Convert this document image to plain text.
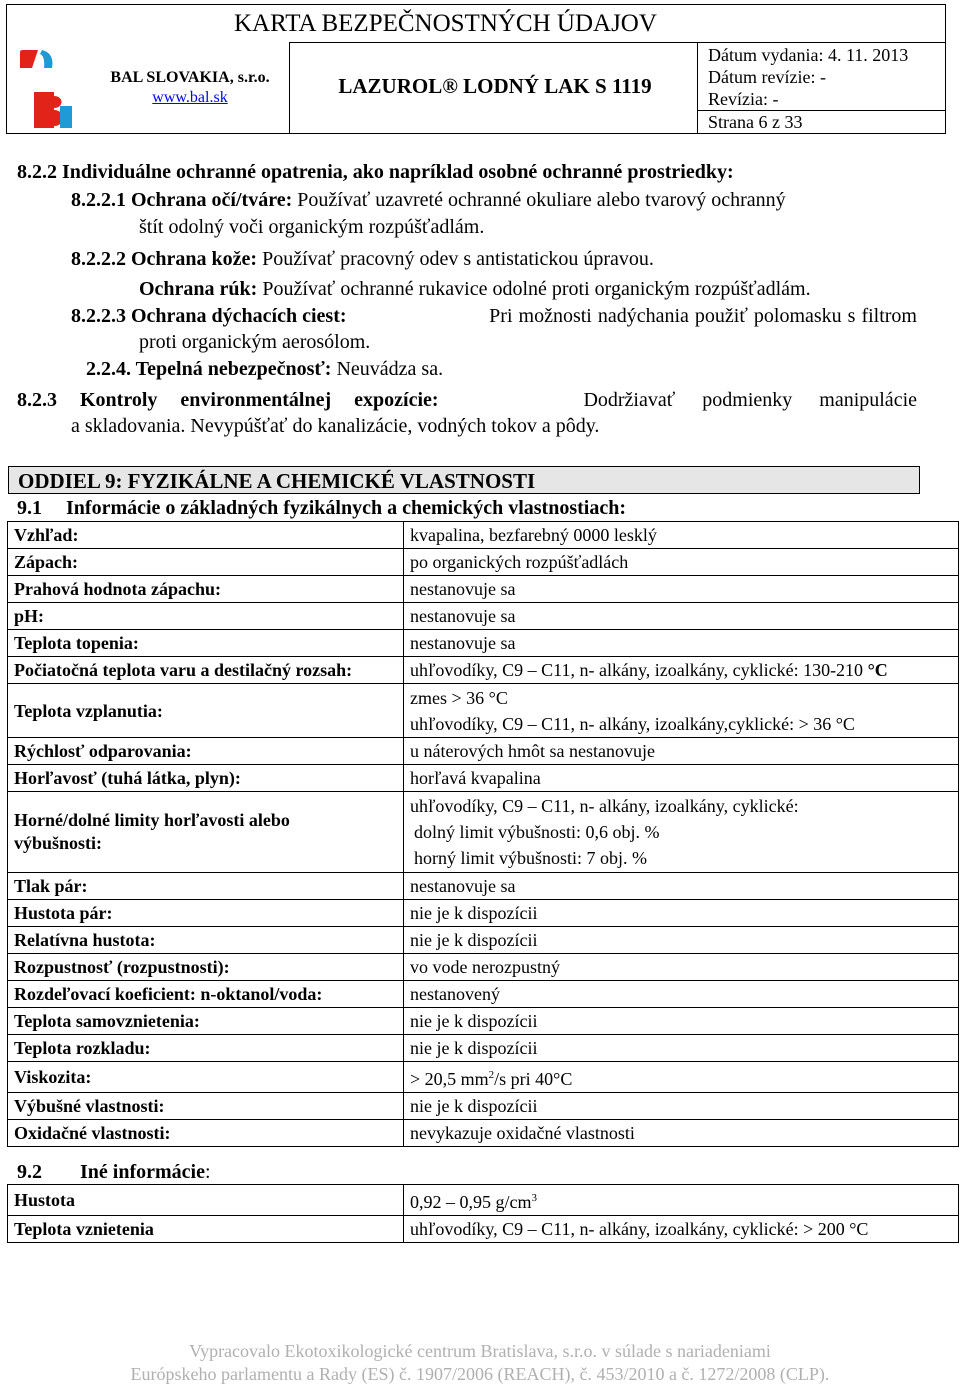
KARTA BEZPEČNOSTNÝCH ÚDAJOV
BAL SLOVAKIA, s.r.o.
www.bal.sk	LAZUROL® LODNÝ LAK S 1119
Dátum vydania: 4. 11. 2013
Dátum revízie: -
Revízia: -
Strana 6 z 33
8.2.2 Individuálne ochranné opatrenia, ako napríklad osobné ochranné prostriedky:
8.2.2.1 Ochrana očí/tváre: Používať uzavreté ochranné okuliare alebo tvarový ochranný
štít odolný voči organickým rozpúšťadlám.
8.2.2.2 Ochrana kože: Používať pracovný odev s antistatickou úpravou.
Ochrana rúk: Používať ochranné rukavice odolné proti organickým rozpúšťadlám.
8.2.2.3 Ochrana dýchacích ciest:	Pri možnosti nadýchania použiť polomasku s filtrom
proti organickým aerosólom.
2.2.4. Tepelná nebezpečnosť: Neuvádza sa.
8.2.3 Kontroly environmentálnej expozície:	Dodržiavať podmienky manipulácie
a skladovania. Nevypúšťať do kanalizácie, vodných tokov a pôdy.
ODDIEL 9: FYZIKÁLNE A CHEMICKÉ VLASTNOSTI
9.1 Informácie o základných fyzikálnych a chemických vlastnostiach:
Vzhľad:	kvapalina, bezfarebný 0000 lesklý

Zápach:	po organických rozpúšťadlách

Prahová hodnota zápachu:	nestanovuje sa

pH:	nestanovuje sa

Teplota topenia:	nestanovuje sa

Počiatočná teplota varu a destilačný rozsah:	uhľovodíky, C9 – C11, n- alkány, izoalkány, cyklické: 130-210 °C

Teplota vzplanutia:	zmes > 36 °C
uhľovodíky, C9 – C11, n- alkány, izoalkány,cyklické: > 36 °C

Rýchlosť odparovania:	u náterových hmôt sa nestanovuje

Horľavosť (tuhá látka, plyn):	horľavá kvapalina

Horné/dolné limity horľavosti alebo
výbušnosti:	uhľovodíky, C9 – C11, n- alkány, izoalkány, cyklické:
dolný limit výbušnosti: 0,6 obj. %
horný limit výbušnosti: 7 obj. %

Tlak pár:	nestanovuje sa

Hustota pár:	nie je k dispozícii

Relatívna hustota:	nie je k dispozícii

Rozpustnosť (rozpustnosti):	vo vode nerozpustný

Rozdeľovací koeficient: n-oktanol/voda:	nestanovený

Teplota samovznietenia:	nie je k dispozícii

Teplota rozkladu:	nie je k dispozícii

Viskozita:	> 20,5 $mm^2/s$ pri 40°C

Výbušné vlastnosti:	nie je k dispozícii

Oxidačné vlastnosti:	nevykazuje oxidačné vlastnosti
9.2 Iné informácie:
Hustota	0,92 – 0,95 $g/cm^3$

Teplota vznietenia	uhľovodíky, C9 – C11, n- alkány, izoalkány, cyklické: > 200 °C
Vypracovalo Ekotoxikologické centrum Bratislava, s.r.o. v súlade s nariadeniami
Európskeho parlamentu a Rady (ES) č. 1907/2006 (REACH), č. 453/2010 a č. 1272/2008 (CLP).
